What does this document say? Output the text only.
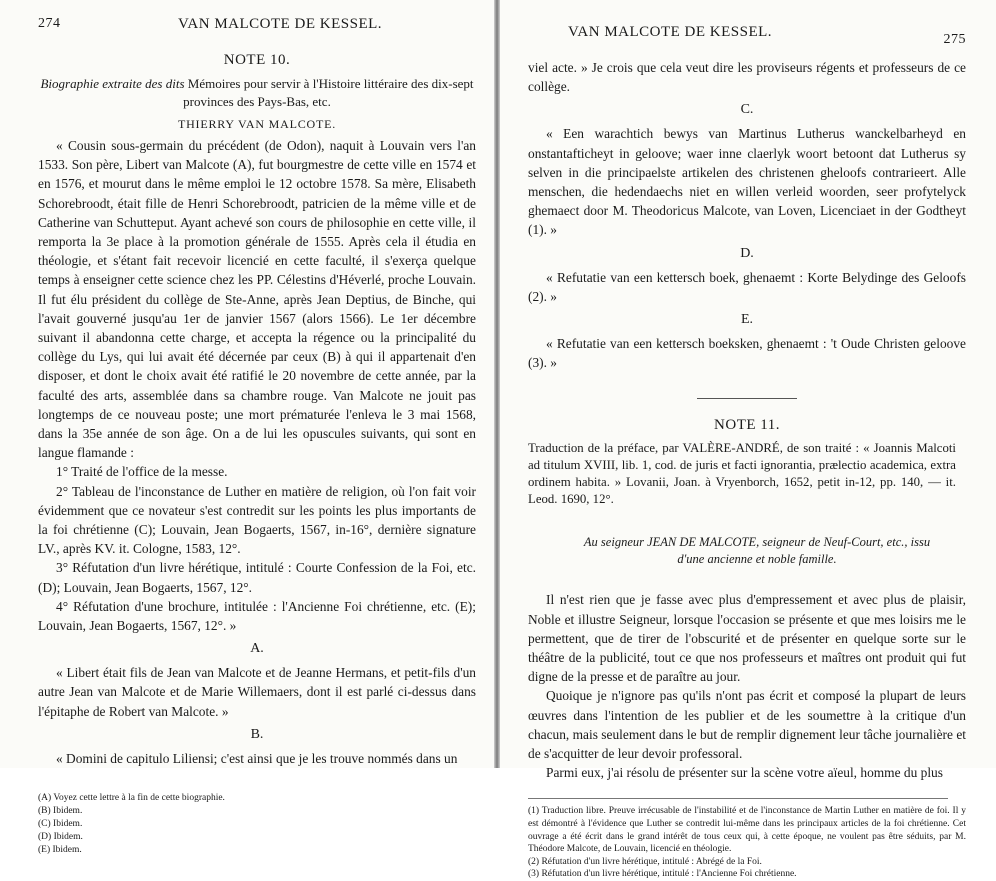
274	VAN MALCOTE DE KESSEL.
NOTE 10.

Biographie extraite des dits Mémoires pour servir à l'Histoire littéraire des dix-sept provinces des Pays-Bas, etc.

THIERRY VAN MALCOTE.

« Cousin sous-germain du précédent (de Odon), naquit à Louvain vers l'an 1533. Son père, Libert van Malcote (A), fut bourgmestre de cette ville en 1574 et en 1576, et mourut dans le même emploi le 12 octobre 1578. Sa mère, Elisabeth Schorebroodt, était fille de Henri Schorebroodt, patricien de la même ville et de Catherine van Schutteput. Ayant achevé son cours de philosophie en cette ville, il remporta la 3e place à la promotion générale de 1555. Après cela il étudia en théologie, et s'étant fait recevoir licencié en cette faculté, il s'exerça quelque temps à enseigner cette science chez les PP. Célestins d'Héverlé, proche Louvain. Il fut élu président du collège de Ste-Anne, après Jean Deptius, de Binche, qui l'avait gouverné jusqu'au 1er de janvier 1567 (alors 1566). Le 1er décembre suivant il abandonna cette charge, et accepta la régence ou la principalité du collège du Lys, qui lui avait été décernée par ceux (B) à qui il appartenait d'en disposer, et dont le choix avait été ratifié le 20 novembre de cette année, par la faculté des arts, assemblée dans sa chambre rouge. Van Malcote ne jouit pas longtemps de ce nouveau poste; une mort prématurée l'enleva le 3 mai 1568, dans la 35e année de son âge. On a de lui les opuscules suivants, qui sont en langue flamande :

1° Traité de l'office de la messe.

2° Tableau de l'inconstance de Luther en matière de religion, où l'on fait voir évidemment que ce novateur s'est contredit sur les points les plus importants de la foi chrétienne (C); Louvain, Jean Bogaerts, 1567, in-16°, dernière signature LV., après KV. it. Cologne, 1583, 12°.

3° Réfutation d'un livre hérétique, intitulé : Courte Confession de la Foi, etc. (D); Louvain, Jean Bogaerts, 1567, 12°.

4° Réfutation d'une brochure, intitulée : l'Ancienne Foi chrétienne, etc. (E); Louvain, Jean Bogaerts, 1567, 12°. »

A.

« Libert était fils de Jean van Malcote et de Jeanne Hermans, et petit-fils d'un autre Jean van Malcote et de Marie Willemaers, dont il est parlé ci-dessus dans l'épitaphe de Robert van Malcote. »

B.

« Domini de capitulo Liliensi; c'est ainsi que je les trouve nommés dans un

(A) Voyez cette lettre à la fin de cette biographie.
(B) Ibidem.
(C) Ibidem.
(D) Ibidem.
(E) Ibidem.
VAN MALCOTE DE KESSEL.	275

viel acte. » Je crois que cela veut dire les proviseurs régents et professeurs de ce collège.

C.

« Een warachtich bewys van Martinus Lutherus wanckelbarheyd en onstantafticheyt in geloove; waer inne claerlyk woort betoont dat Lutherus sy selven in die principaelste artikelen des christenen gheloofs contrarieert. Alle menschen, die hedendaechs niet en willen verleid woorden, seer profytelyck ghemaect door M. Theodoricus Malcote, van Loven, Licenciaet in der Godtheyt (1). »

D.

« Refutatie van een kettersch boek, ghenaemt : Korte Belydinge des Geloofs (2). »

E.

« Refutatie van een kettersch boeksken, ghenaemt : 't Oude Christen geloove (3). »

NOTE 11.

Traduction de la préface, par VALÈRE-ANDRÉ, de son traité : « Joannis Malcoti ad titulum XVIII, lib. 1, cod. de juris et facti ignorantia, prælectio academica, extra ordinem habita. » Lovanii, Joan. à Vryenborch, 1652, petit in-12, pp. 140, — it. Leod. 1690, 12°.

Au seigneur JEAN DE MALCOTE, seigneur de Neuf-Court, etc., issu d'une ancienne et noble famille.

Il n'est rien que je fasse avec plus d'empressement et avec plus de plaisir, Noble et illustre Seigneur, lorsque l'occasion se présente et que mes loisirs me le permettent, que de tirer de l'obscurité et de présenter en quelque sorte sur le théâtre de la publicité, tout ce que nos professeurs et maîtres ont produit qui fut digne de la presse et de paraître au jour.

Quoique je n'ignore pas qu'ils n'ont pas écrit et composé la plupart de leurs œuvres dans l'intention de les publier et de les soumettre à la critique d'un chacun, mais seulement dans le but de remplir dignement leur tâche journalière et de s'acquitter de leur devoir professoral.

Parmi eux, j'ai résolu de présenter sur la scène votre aïeul, homme du plus

(1) Traduction libre. Preuve irrécusable de l'instabilité et de l'inconstance de Martin Luther en matière de foi. Il y est démontré à l'évidence que Luther se contredit lui-même dans les principaux articles de la foi chrétienne. Cet ouvrage a été écrit dans le grand intérêt de tous ceux qui, à cette époque, ne voulent pas être séduits, par M. Théodore Malcote, de Louvain, licencié en théologie.

(2) Réfutation d'un livre hérétique, intitulé : Abrégé de la Foi.

(3) Réfutation d'un livre hérétique, intitulé : l'Ancienne Foi chrétienne.
